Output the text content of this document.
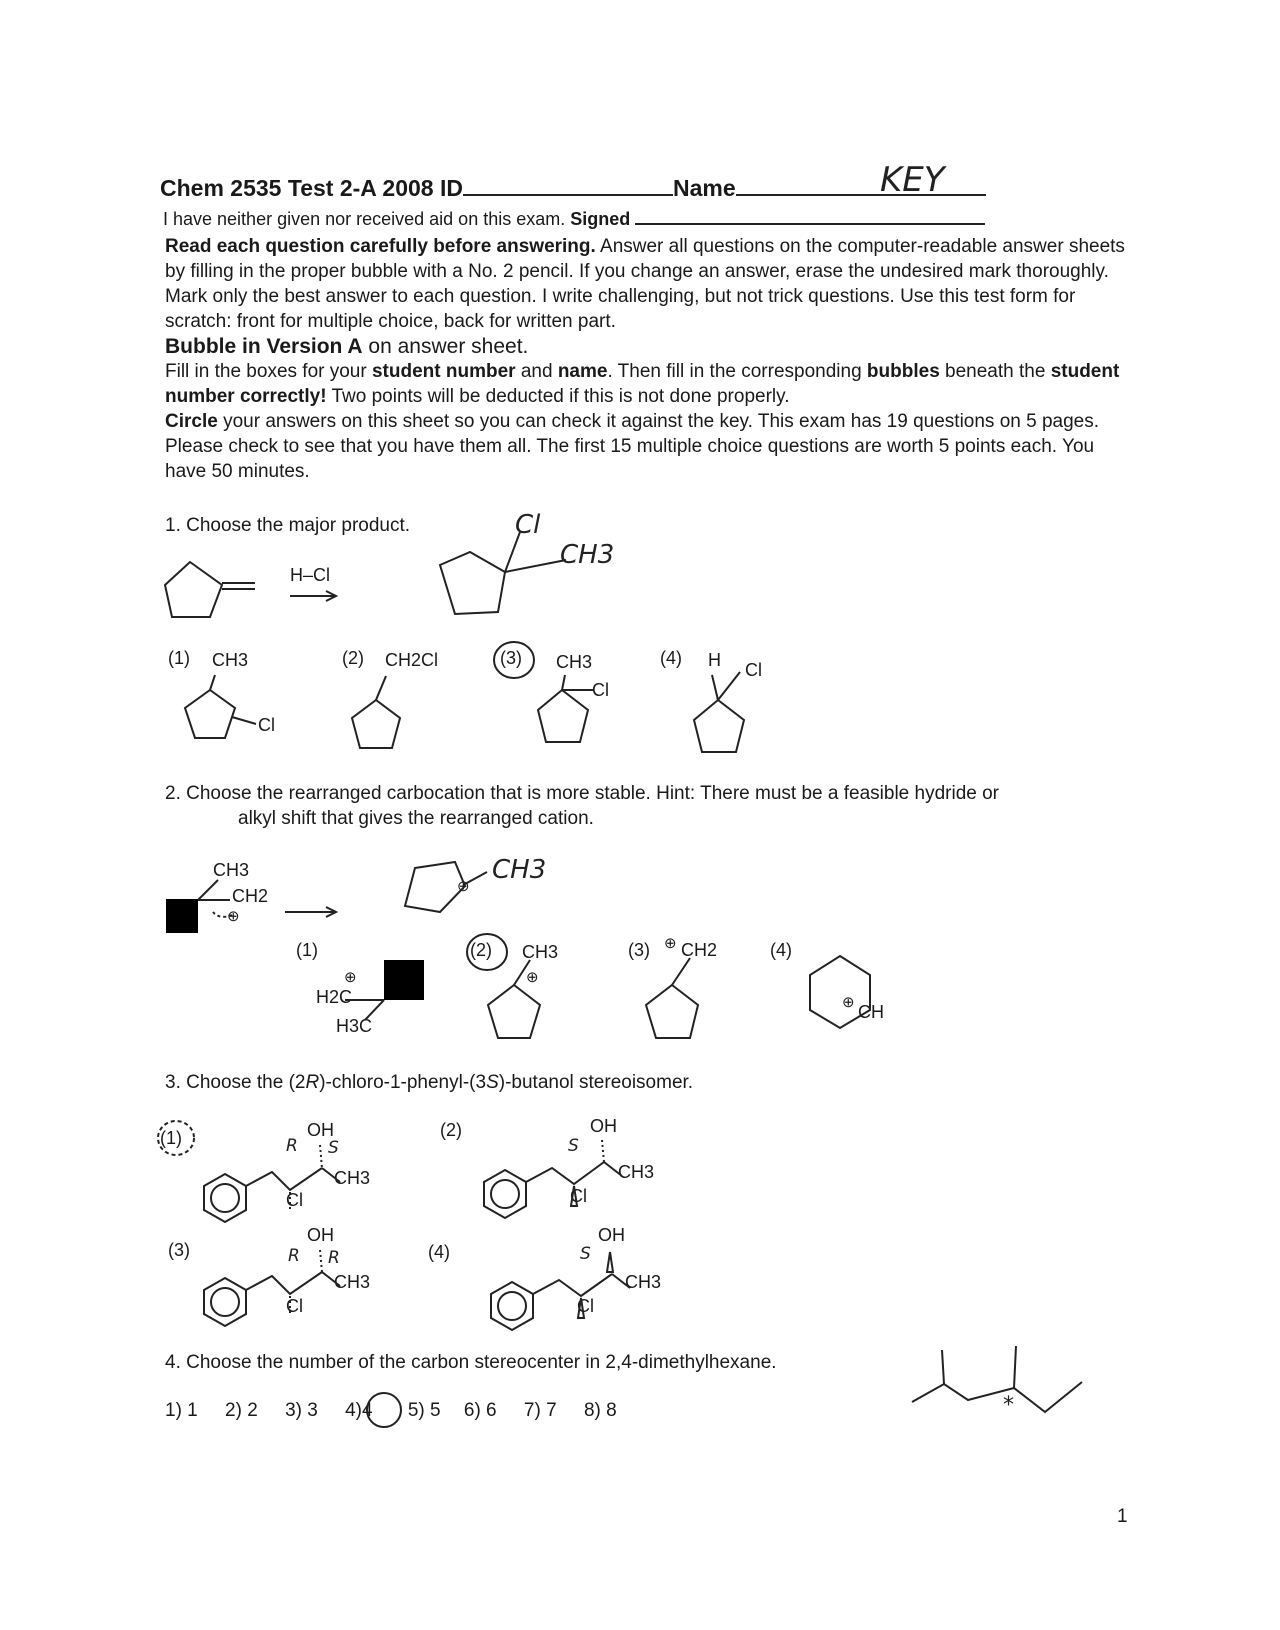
Chem 2535 Test 2-A 2008 ID	Name	KEY
I have neither given nor received aid on this exam. Signed

Read each question carefully before answering. Answer all questions on the computer-readable answer sheets by filling in the proper bubble with a No. 2 pencil. If you change an answer, erase the undesired mark thoroughly. Mark only the best answer to each question. I write challenging, but not trick questions. Use this test form for scratch: front for multiple choice, back for written part.

Bubble in Version A on answer sheet.

Fill in the boxes for your student number and name. Then fill in the corresponding bubbles beneath the student number correctly! Two points will be deducted if this is not done properly.

Circle your answers on this sheet so you can check it against the key. This exam has 19 questions on 5 pages. Please check to see that you have them all. The first 15 multiple choice questions are worth 5 points each. You have 50 minutes.

1. Choose the major product.
H–Cl
Cl
CH3
(1) CH3
Cl
(2) CH2Cl	(3) CH3
Cl
(4) H Cl
2. Choose the rearranged carbocation that is more stable. Hint: There must be a feasible hydride or
alkyl shift that gives the rearranged cation.
CH3
CH2
⊕
CH3
⊕
(1)
⊕
H2C
H3C
(2) CH3
⊕
(3) ⊕ CH2	(4)
⊕ CH
3. Choose the (2R)-chloro-1-phenyl-(3S)-butanol stereoisomer.
(1)	OH
CH3
Cl
R S
(2)	OH
CH3
Cl
S
(3)
OH
CH3
Cl
R R	(4)
OH
CH3
Cl
S
4. Choose the number of the carbon stereocenter in 2,4-dimethylhexane.
1) 1 2) 2 3) 3 4)4 5) 5 6) 6 7) 7 8) 8	*
1
